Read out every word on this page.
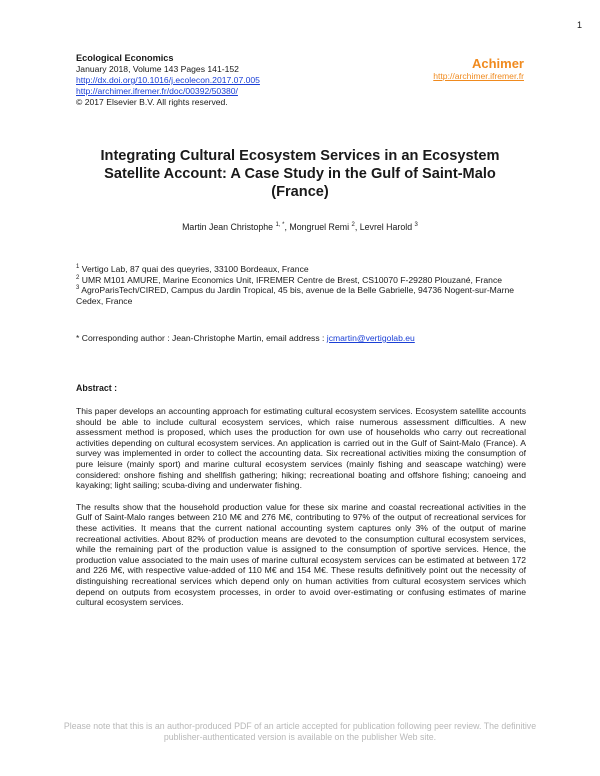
1
Ecological Economics
January 2018, Volume 143 Pages 141-152
http://dx.doi.org/10.1016/j.ecolecon.2017.07.005
http://archimer.ifremer.fr/doc/00392/50380/
© 2017 Elsevier B.V. All rights reserved.
Achimer
http://archimer.ifremer.fr
Integrating Cultural Ecosystem Services in an Ecosystem
Satellite Account: A Case Study in the Gulf of Saint-Malo
(France)
Martin Jean Christophe $^{1, *}$, Mongruel Remi $^2$, Levrel Harold $^3$

$^1$ Vertigo Lab, 87 quai des queyries, 33100 Bordeaux, France

$^2$ UMR M101 AMURE, Marine Economics Unit, IFREMER Centre de Brest, CS10070 F-29280 Plouzané, France

$^3$ AgroParisTech/CIRED, Campus du Jardin Tropical, 45 bis, avenue de la Belle Gabrielle, 94736 Nogent-sur-Marne Cedex, France

* Corresponding author : Jean-Christophe Martin, email address : jcmartin@vertigolab.eu
Abstract :

This paper develops an accounting approach for estimating cultural ecosystem services. Ecosystem satellite accounts should be able to include cultural ecosystem services, which raise numerous assessment difficulties. A new assessment method is proposed, which uses the production for own use of households who carry out recreational activities depending on cultural ecosystem services. An application is carried out in the Gulf of Saint-Malo (France). A survey was implemented in order to collect the accounting data. Six recreational activities mixing the consumption of pure leisure (mainly sport) and marine cultural ecosystem services (mainly fishing and seascape watching) were considered: onshore fishing and shellfish gathering; hiking; recreational boating and offshore fishing; canoeing and kayaking; light sailing; scuba-diving and underwater fishing.

The results show that the household production value for these six marine and coastal recreational activities in the Gulf of Saint-Malo ranges between 210 M€ and 276 M€, contributing to 97% of the output of recreational services for these activities. It means that the current national accounting system captures only 3% of the output of marine recreational activities. About 82% of production means are devoted to the consumption cultural ecosystem services, while the remaining part of the production value is assigned to the consumption of sportive services. Hence, the production value associated to the main uses of marine cultural ecosystem services can be estimated at between 172 and 226 M€, with respective value-added of 110 M€ and 154 M€. These results definitively point out the necessity of distinguishing recreational services which depend only on human activities from cultural ecosystem services which depend on outputs from ecosystem processes, in order to avoid over-estimating or confusing estimates of marine cultural ecosystem services.

Please note that this is an author-produced PDF of an article accepted for publication following peer review. The definitive
publisher-authenticated version is available on the publisher Web site.
